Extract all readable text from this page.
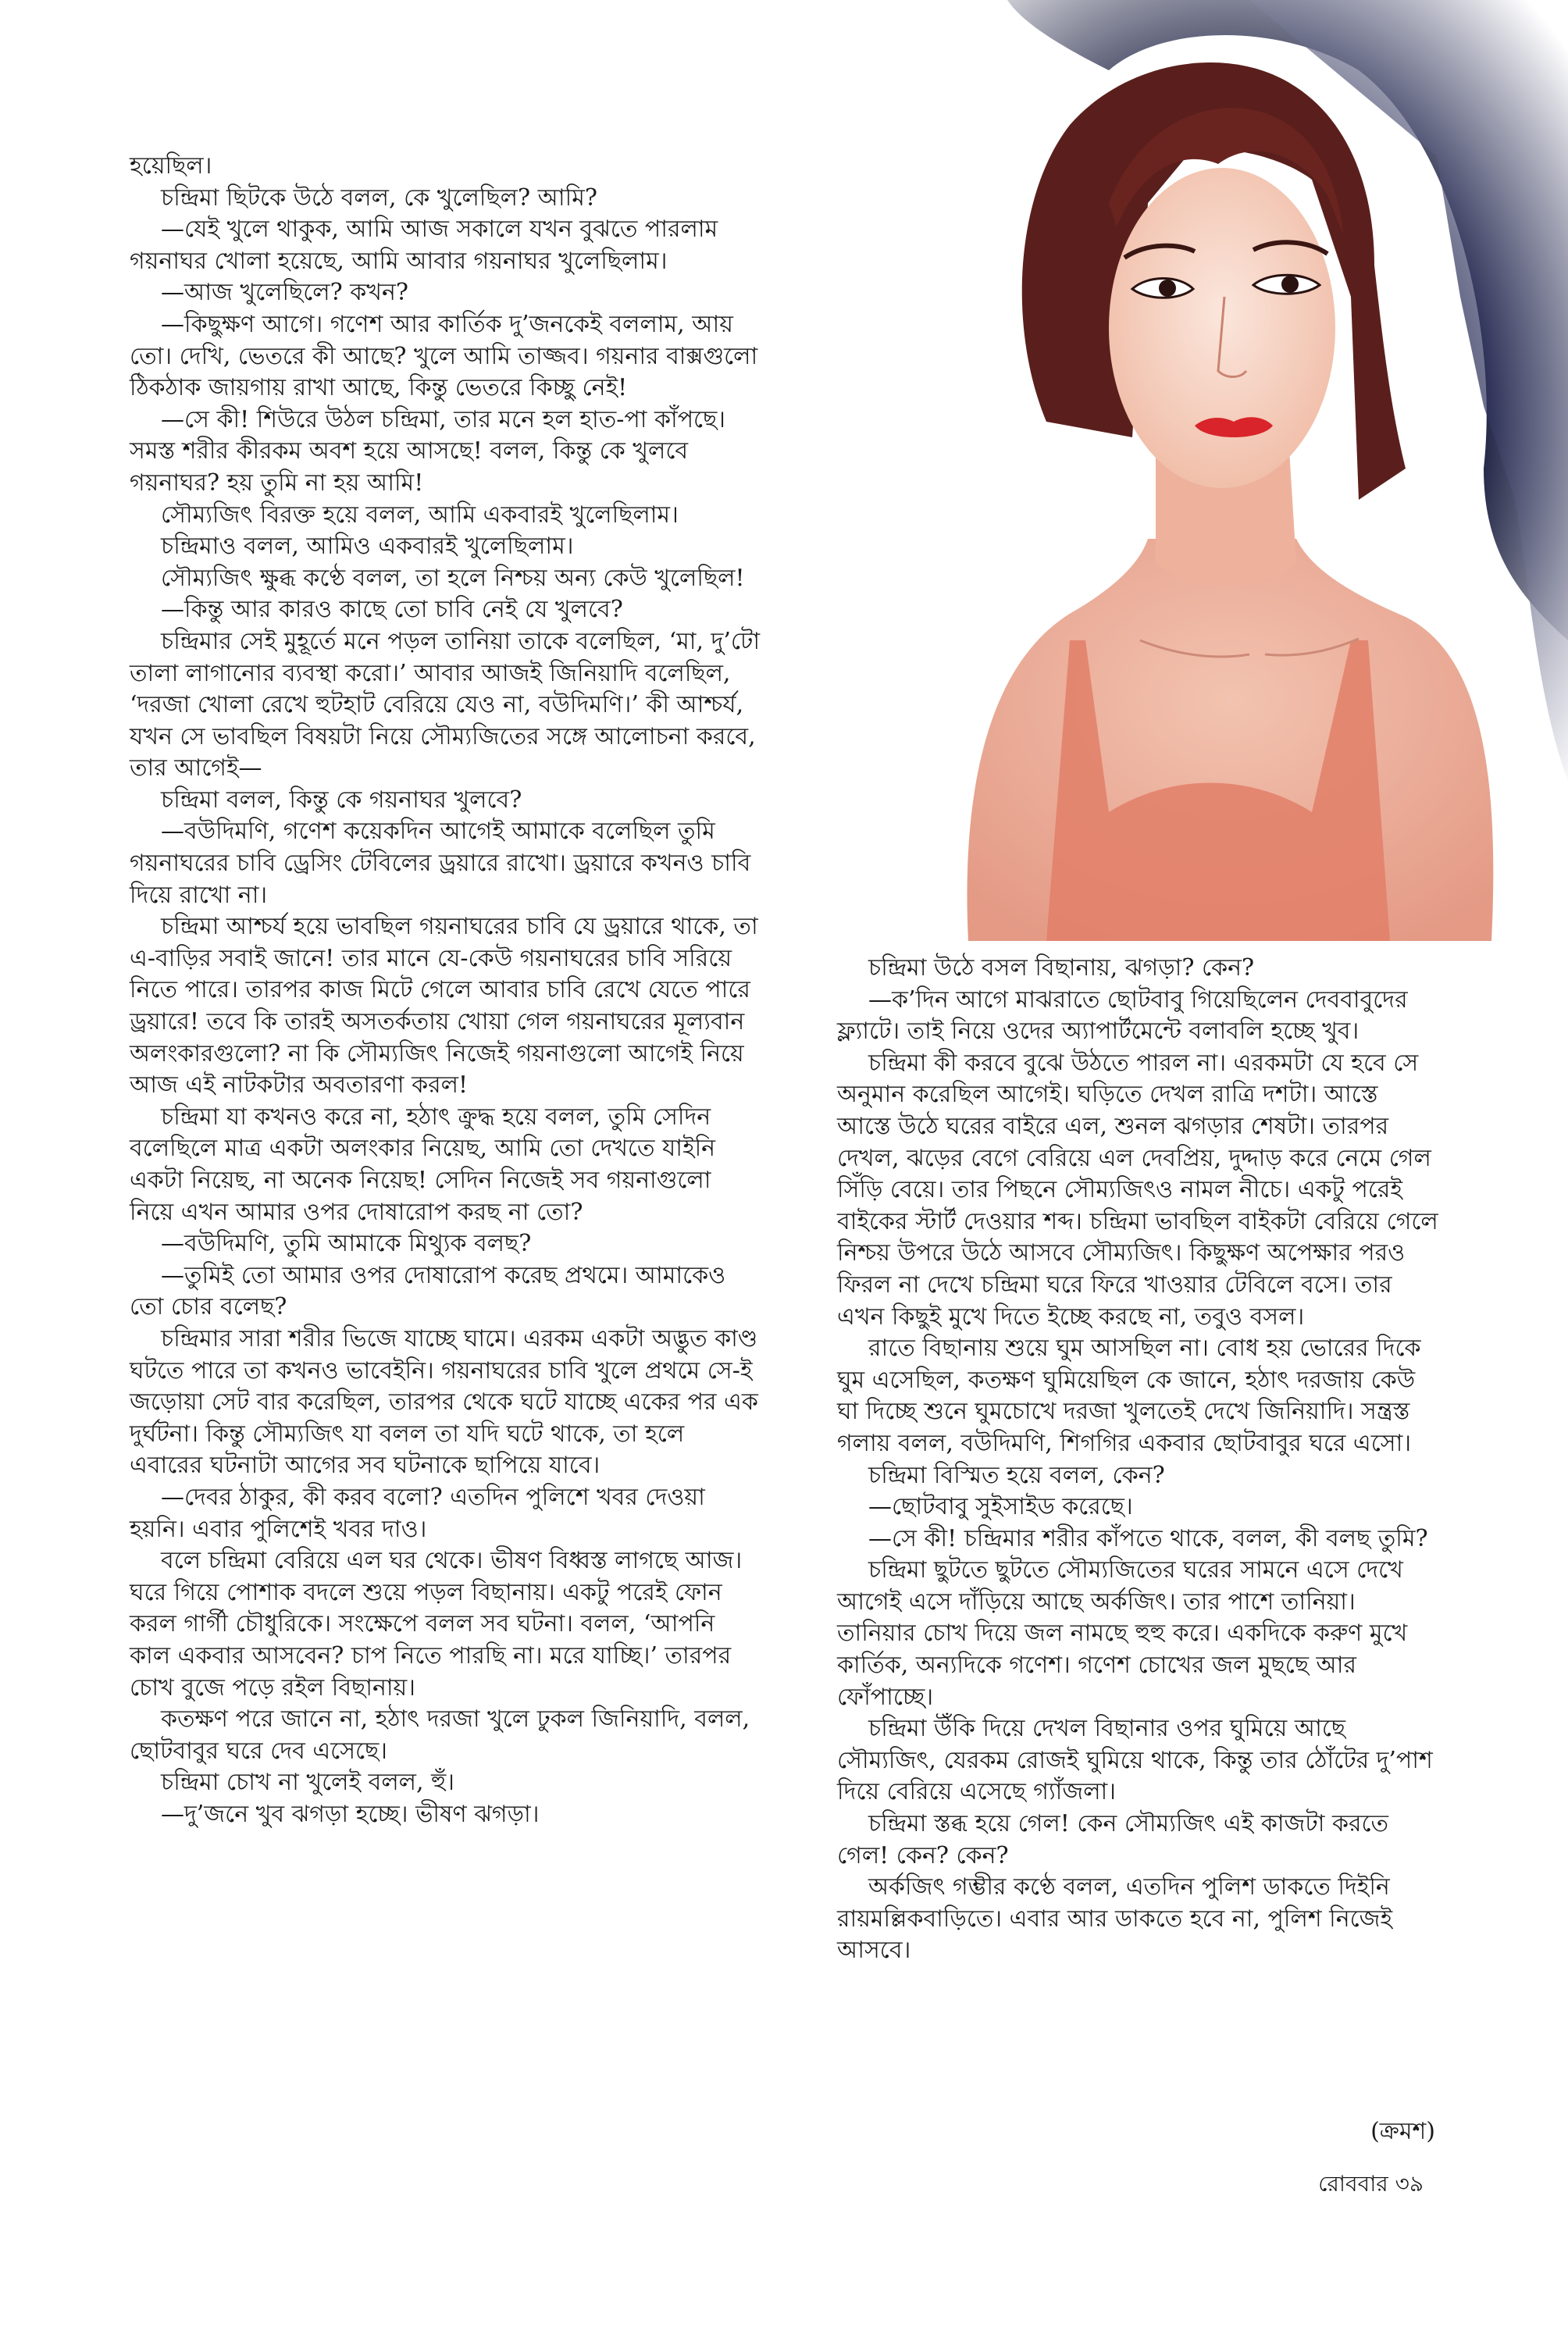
হয়েছিল।

চন্দ্রিমা ছিটকে উঠে বলল, কে খুলেছিল? আমি?

—যেই খুলে থাকুক, আমি আজ সকালে যখন বুঝতে পারলাম গয়নাঘর খোলা হয়েছে, আমি আবার গয়নাঘর খুলেছিলাম।

—আজ খুলেছিলে? কখন?

—কিছুক্ষণ আগে। গণেশ আর কার্তিক দু’জনকেই বললাম, আয় তো। দেখি, ভেতরে কী আছে? খুলে আমি তাজ্জব। গয়নার বাক্সগুলো ঠিকঠাক জায়গায় রাখা আছে, কিন্তু ভেতরে কিচ্ছু নেই!

—সে কী! শিউরে উঠল চন্দ্রিমা, তার মনে হল হাত-পা কাঁপছে। সমস্ত শরীর কীরকম অবশ হয়ে আসছে! বলল, কিন্তু কে খুলবে গয়নাঘর? হয় তুমি না হয় আমি!

সৌম্যজিৎ বিরক্ত হয়ে বলল, আমি একবারই খুলেছিলাম।

চন্দ্রিমাও বলল, আমিও একবারই খুলেছিলাম।

সৌম্যজিৎ ক্ষুব্ধ কণ্ঠে বলল, তা হলে নিশ্চয় অন্য কেউ খুলেছিল!

—কিন্তু আর কারও কাছে তো চাবি নেই যে খুলবে?

চন্দ্রিমার সেই মুহূর্তে মনে পড়ল তানিয়া তাকে বলেছিল, ‘মা, দু’টো তালা লাগানোর ব্যবস্থা করো।’ আবার আজই জিনিয়াদি বলেছিল, ‘দরজা খোলা রেখে হুটহাট বেরিয়ে যেও না, বউদিমণি।’ কী আশ্চর্য, যখন সে ভাবছিল বিষয়টা নিয়ে সৌম্যজিতের সঙ্গে আলোচনা করবে, তার আগেই—

চন্দ্রিমা বলল, কিন্তু কে গয়নাঘর খুলবে?

—বউদিমণি, গণেশ কয়েকদিন আগেই আমাকে বলেছিল তুমি গয়নাঘরের চাবি ড্রেসিং টেবিলের ড্রয়ারে রাখো। ড্রয়ারে কখনও চাবি দিয়ে রাখো না।

চন্দ্রিমা আশ্চর্য হয়ে ভাবছিল গয়নাঘরের চাবি যে ড্রয়ারে থাকে, তা এ-বাড়ির সবাই জানে! তার মানে যে-কেউ গয়নাঘরের চাবি সরিয়ে নিতে পারে। তারপর কাজ মিটে গেলে আবার চাবি রেখে যেতে পারে ড্রয়ারে! তবে কি তারই অসতর্কতায় খোয়া গেল গয়নাঘরের মূল্যবান অলংকারগুলো? না কি সৌম্যজিৎ নিজেই গয়নাগুলো আগেই নিয়ে আজ এই নাটকটার অবতারণা করল!

চন্দ্রিমা যা কখনও করে না, হঠাৎ ক্রুদ্ধ হয়ে বলল, তুমি সেদিন বলেছিলে মাত্র একটা অলংকার নিয়েছ, আমি তো দেখতে যাইনি একটা নিয়েছ, না অনেক নিয়েছ! সেদিন নিজেই সব গয়নাগুলো নিয়ে এখন আমার ওপর দোষারোপ করছ না তো?

—বউদিমণি, তুমি আমাকে মিথ্যুক বলছ?

—তুমিই তো আমার ওপর দোষারোপ করেছ প্রথমে। আমাকেও তো চোর বলেছ?

চন্দ্রিমার সারা শরীর ভিজে যাচ্ছে ঘামে। এরকম একটা অদ্ভুত কাণ্ড ঘটতে পারে তা কখনও ভাবেইনি। গয়নাঘরের চাবি খুলে প্রথমে সে-ই জড়োয়া সেট বার করেছিল, তারপর থেকে ঘটে যাচ্ছে একের পর এক দুর্ঘটনা। কিন্তু সৌম্যজিৎ যা বলল তা যদি ঘটে থাকে, তা হলে এবারের ঘটনাটা আগের সব ঘটনাকে ছাপিয়ে যাবে।

—দেবর ঠাকুর, কী করব বলো? এতদিন পুলিশে খবর দেওয়া হয়নি। এবার পুলিশেই খবর দাও।

বলে চন্দ্রিমা বেরিয়ে এল ঘর থেকে। ভীষণ বিধ্বস্ত লাগছে আজ। ঘরে গিয়ে পোশাক বদলে শুয়ে পড়ল বিছানায়। একটু পরেই ফোন করল গার্গী চৌধুরিকে। সংক্ষেপে বলল সব ঘটনা। বলল, ‘আপনি কাল একবার আসবেন? চাপ নিতে পারছি না। মরে যাচ্ছি।’ তারপর চোখ বুজে পড়ে রইল বিছানায়।

কতক্ষণ পরে জানে না, হঠাৎ দরজা খুলে ঢুকল জিনিয়াদি, বলল, ছোটবাবুর ঘরে দেব এসেছে।

চন্দ্রিমা চোখ না খুলেই বলল, হুঁ।

—দু’জনে খুব ঝগড়া হচ্ছে। ভীষণ ঝগড়া।

চন্দ্রিমা উঠে বসল বিছানায়, ঝগড়া? কেন?

—ক’দিন আগে মাঝরাতে ছোটবাবু গিয়েছিলেন দেববাবুদের ফ্ল্যাটে। তাই নিয়ে ওদের অ্যাপার্টমেন্টে বলাবলি হচ্ছে খুব।

চন্দ্রিমা কী করবে বুঝে উঠতে পারল না। এরকমটা যে হবে সে অনুমান করেছিল আগেই। ঘড়িতে দেখল রাত্রি দশটা। আস্তে আস্তে উঠে ঘরের বাইরে এল, শুনল ঝগড়ার শেষটা। তারপর দেখল, ঝড়ের বেগে বেরিয়ে এল দেবপ্রিয়, দুদ্দাড় করে নেমে গেল সিঁড়ি বেয়ে। তার পিছনে সৌম্যজিৎও নামল নীচে। একটু পরেই বাইকের স্টার্ট দেওয়ার শব্দ। চন্দ্রিমা ভাবছিল বাইকটা বেরিয়ে গেলে নিশ্চয় উপরে উঠে আসবে সৌম্যজিৎ। কিছুক্ষণ অপেক্ষার পরও ফিরল না দেখে চন্দ্রিমা ঘরে ফিরে খাওয়ার টেবিলে বসে। তার এখন কিছুই মুখে দিতে ইচ্ছে করছে না, তবুও বসল।

রাতে বিছানায় শুয়ে ঘুম আসছিল না। বোধ হয় ভোরের দিকে ঘুম এসেছিল, কতক্ষণ ঘুমিয়েছিল কে জানে, হঠাৎ দরজায় কেউ ঘা দিচ্ছে শুনে ঘুমচোখে দরজা খুলতেই দেখে জিনিয়াদি। সন্ত্রস্ত গলায় বলল, বউদিমণি, শিগগির একবার ছোটবাবুর ঘরে এসো।

চন্দ্রিমা বিস্মিত হয়ে বলল, কেন?

—ছোটবাবু সুইসাইড করেছে।

—সে কী! চন্দ্রিমার শরীর কাঁপতে থাকে, বলল, কী বলছ তুমি?

চন্দ্রিমা ছুটতে ছুটতে সৌম্যজিতের ঘরের সামনে এসে দেখে আগেই এসে দাঁড়িয়ে আছে অর্কজিৎ। তার পাশে তানিয়া। তানিয়ার চোখ দিয়ে জল নামছে হুহু করে। একদিকে করুণ মুখে কার্তিক, অন্যদিকে গণেশ। গণেশ চোখের জল মুছছে আর ফোঁপাচ্ছে।

চন্দ্রিমা উঁকি দিয়ে দেখল বিছানার ওপর ঘুমিয়ে আছে সৌম্যজিৎ, যেরকম রোজই ঘুমিয়ে থাকে, কিন্তু তার ঠোঁটের দু’পাশ দিয়ে বেরিয়ে এসেছে গ্যাঁজলা।

চন্দ্রিমা স্তব্ধ হয়ে গেল! কেন সৌম্যজিৎ এই কাজটা করতে গেল! কেন? কেন?

অর্কজিৎ গম্ভীর কণ্ঠে বলল, এতদিন পুলিশ ডাকতে দিইনি রায়মল্লিকবাড়িতে। এবার আর ডাকতে হবে না, পুলিশ নিজেই আসবে।

(ক্রমশ)
রোববার ৩৯
